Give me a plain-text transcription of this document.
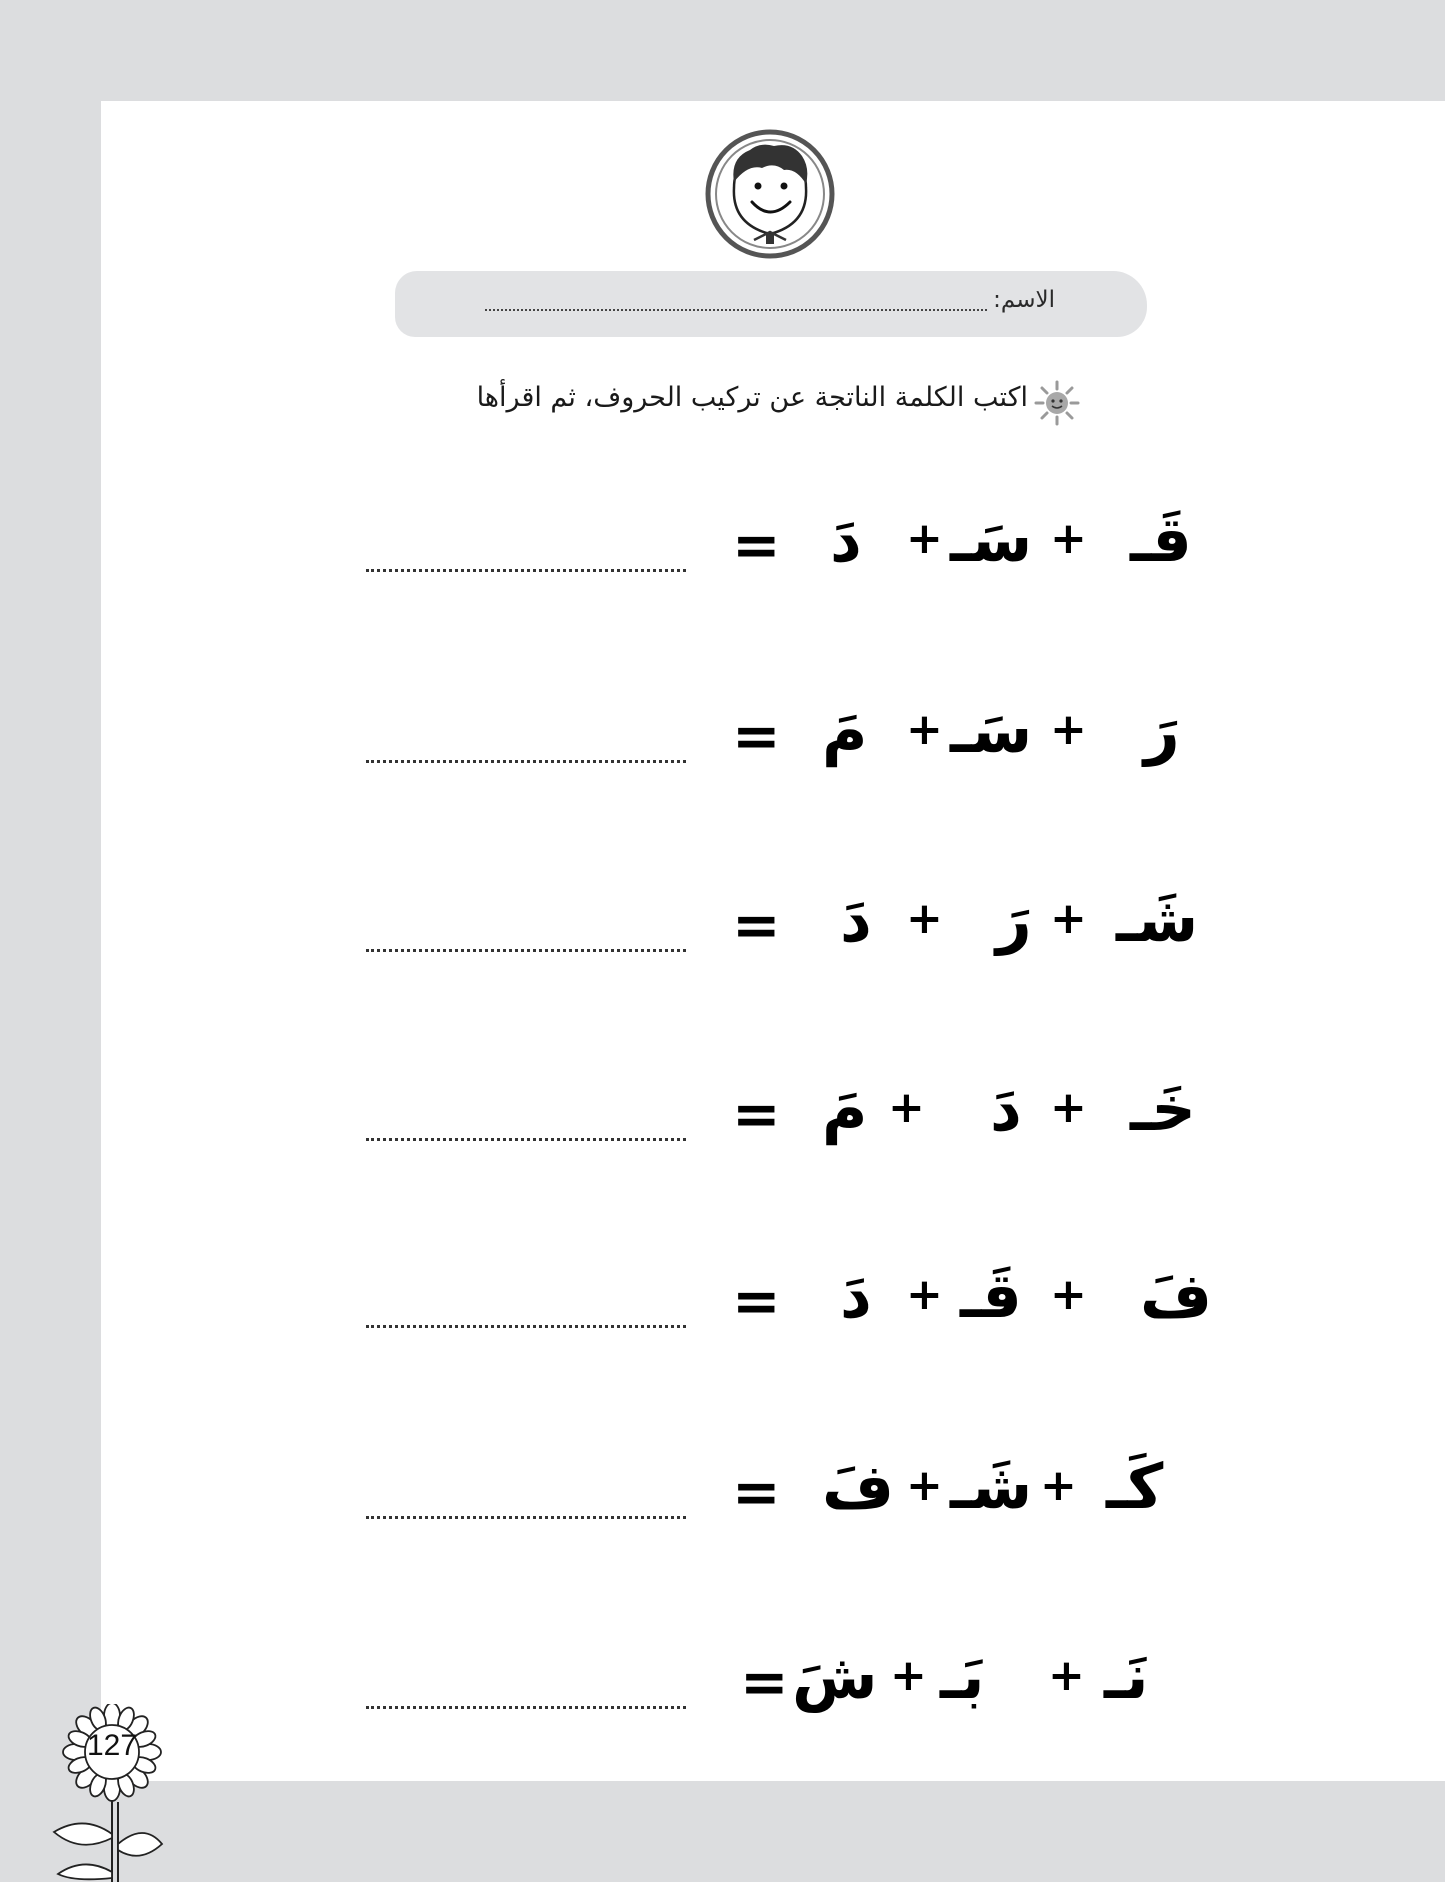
الاسم:
اكتب الكلمة الناتجة عن تركيب الحروف، ثم اقرأها
= دَ + سَـ + قَـ
= مَ + سَـ + رَ
= دَ + رَ + شَـ
= مَ + دَ + خَـ
= دَ + قَـ + فَ
= فَ + شَـ + كَـ
= شَ + بَـ + نَـ
127
